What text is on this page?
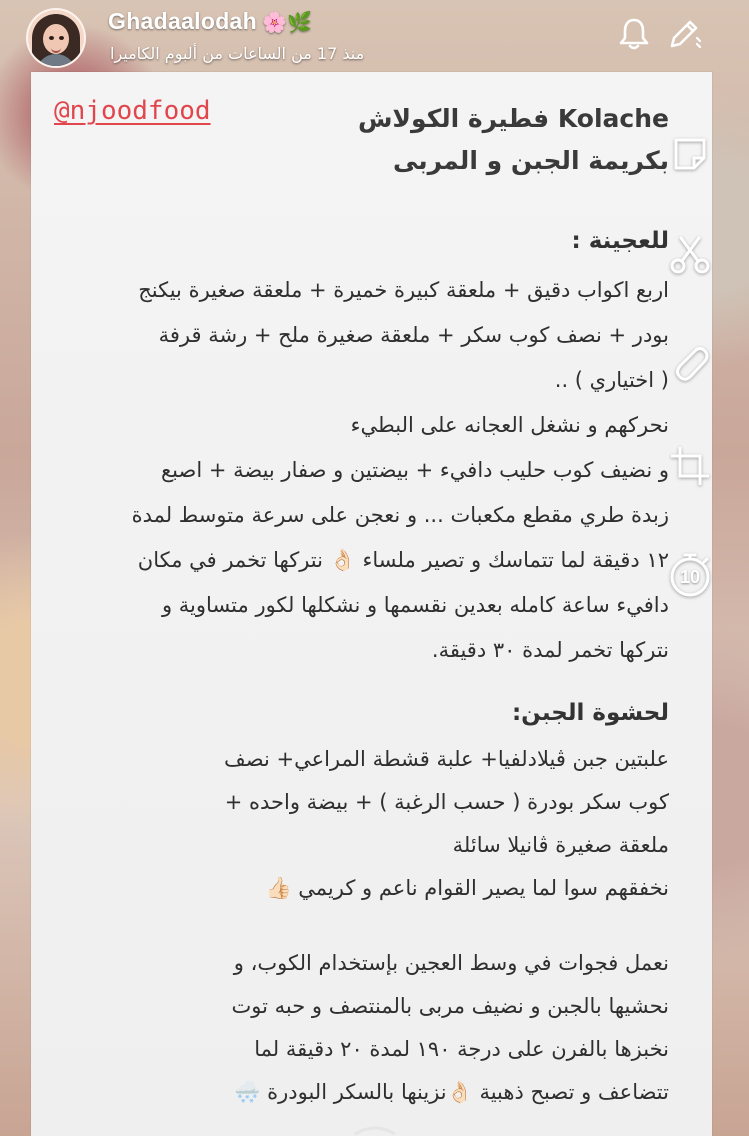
Ghadaalodah 🌸🌿
منذ 17 من الساعات من ألبوم الكاميرا
@njoodfood	Kolache فطيرة الكولاش
بكريمة الجبن و المربى
للعجينة :
اربع اكواب دقيق + ملعقة كبيرة خميرة + ملعقة صغيرة بيكنج
بودر + نصف كوب سكر + ملعقة صغيرة ملح + رشة قرفة
( اختياري ) ..
نحركهم و نشغل العجانه على البطيء
و نضيف كوب حليب دافيء + بيضتين و صفار بيضة + اصبع
زبدة طري مقطع مكعبات ... و نعجن على سرعة متوسط لمدة
١٢ دقيقة لما تتماسك و تصير ملساء 👌🏻 نتركها تخمر في مكان
دافيء ساعة كامله بعدين نقسمها و نشكلها لكور متساوية و
نتركها تخمر لمدة ٣٠ دقيقة.
لحشوة الجبن:
علبتين جبن ڤيلادلفيا+ علبة قشطة المراعي+ نصف
كوب سكر بودرة ( حسب الرغبة ) + بيضة واحده +
ملعقة صغيرة ڤانيلا سائلة
نخفقهم سوا لما يصير القوام ناعم و كريمي 👍🏻
نعمل فجوات في وسط العجين بإستخدام الكوب، و
نحشيها بالجبن و نضيف مربى بالمنتصف و حبه توت
نخبزها بالفرن على درجة ١٩٠ لمدة ٢٠ دقيقة لما
تتضاعف و تصبح ذهبية 👌🏻نزينها بالسكر البودرة 🌨️
10
